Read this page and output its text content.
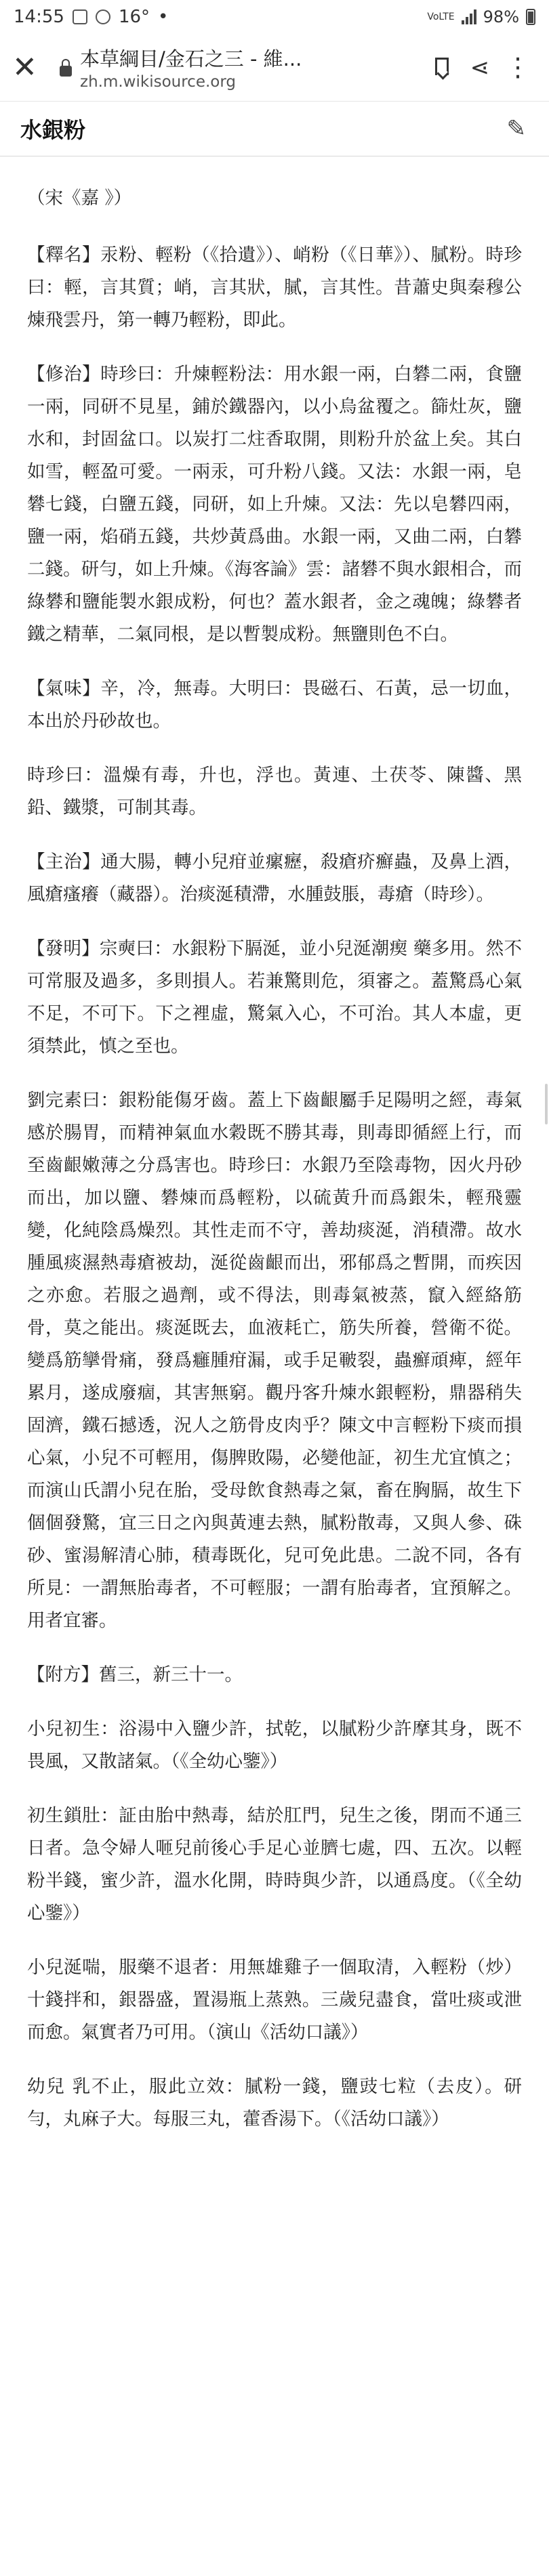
14:55	16° •	VoLTE 98%
✕	本草綱目/金石之三 - 維...
zh.m.wikisource.org
⋖ ⋮
水銀粉	✎

（宋《嘉 》）

【釋名】汞粉、輕粉（《拾遺》）、峭粉（《日華》）、膩粉。時珍曰：輕，言其質；峭，言其狀，膩，言其性。昔蕭史與秦穆公煉飛雲丹，第一轉乃輕粉，即此。

【修治】時珍曰：升煉輕粉法：用水銀一兩，白礬二兩，食鹽一兩，同研不見星，鋪於鐵器內，以小烏盆覆之。篩灶灰，鹽水和，封固盆口。以炭打二炷香取開，則粉升於盆上矣。其白如雪，輕盈可愛。一兩汞，可升粉八錢。又法：水銀一兩，皂礬七錢，白鹽五錢，同研，如上升煉。又法：先以皂礬四兩，鹽一兩，焰硝五錢，共炒黃爲曲。水銀一兩，又曲二兩，白礬二錢。研勻，如上升煉。《海客論》雲：諸礬不與水銀相合，而綠礬和鹽能製水銀成粉，何也？蓋水銀者，金之魂魄；綠礬者鐵之精華，二氣同根，是以暫製成粉。無鹽則色不白。

【氣味】辛，冷，無毒。大明曰：畏磁石、石黃，忌一切血，本出於丹砂故也。

時珍曰：溫燥有毒，升也，浮也。黃連、土茯苓、陳醬、黑鉛、鐵漿，可制其毒。

【主治】通大腸，轉小兒疳並瘰癧，殺瘡疥癬蟲，及鼻上酒，風瘡瘙癢（藏器）。治痰涎積滯，水腫鼓脹，毒瘡（時珍）。

【發明】宗奭曰：水銀粉下膈涎，並小兒涎潮瘈 藥多用。然不可常服及過多，多則損人。若兼驚則危，須審之。蓋驚爲心氣不足，不可下。下之裡虛，驚氣入心，不可治。其人本虛，更須禁此，慎之至也。

劉完素曰：銀粉能傷牙齒。蓋上下齒齦屬手足陽明之經，毒氣感於腸胃，而精神氣血水穀既不勝其毒，則毒即循經上行，而至齒齦嫩薄之分爲害也。時珍曰：水銀乃至陰毒物，因火丹砂而出，加以鹽、礬煉而爲輕粉，以硫黃升而爲銀朱，輕飛靈變，化純陰爲燥烈。其性走而不守，善劫痰涎，消積滯。故水腫風痰濕熱毒瘡被劫，涎從齒齦而出，邪郁爲之暫開，而疾因之亦愈。若服之過劑，或不得法，則毒氣被蒸，竄入經絡筋骨，莫之能出。痰涎既去，血液耗亡，筋失所養，營衛不從。變爲筋攣骨痛，發爲癰腫疳漏，或手足皸裂，蟲癬頑痺，經年累月，遂成廢痼，其害無窮。觀丹客升煉水銀輕粉，鼎器稍失固濟，鐵石撼透，況人之筋骨皮肉乎？陳文中言輕粉下痰而損心氣，小兒不可輕用，傷脾敗陽，必變他証，初生尤宜慎之；而演山氏謂小兒在胎，受母飲食熱毒之氣，畜在胸膈，故生下個個發驚，宜三日之內與黃連去熱，膩粉散毒，又與人參、硃砂、蜜湯解清心肺，積毒既化，兒可免此患。二說不同，各有所見：一謂無胎毒者，不可輕服；一謂有胎毒者，宜預解之。用者宜審。

【附方】舊三，新三十一。

小兒初生：浴湯中入鹽少許，拭乾，以膩粉少許摩其身，既不畏風，又散諸氣。（《全幼心鑒》）

初生鎖肚：証由胎中熱毒，結於肛門，兒生之後，閉而不通三日者。急令婦人咂兒前後心手足心並臍七處，四、五次。以輕粉半錢，蜜少許，溫水化開，時時與少許，以通爲度。（《全幼心鑒》）

小兒涎喘，服藥不退者：用無雄雞子一個取清，入輕粉（炒）十錢拌和，銀器盛，置湯瓶上蒸熟。三歲兒盡食，當吐痰或泄而愈。氣實者乃可用。（演山《活幼口議》）

幼兒 乳不止，服此立效：膩粉一錢，鹽豉七粒（去皮）。研勻，丸麻子大。每服三丸，藿香湯下。（《活幼口議》）
